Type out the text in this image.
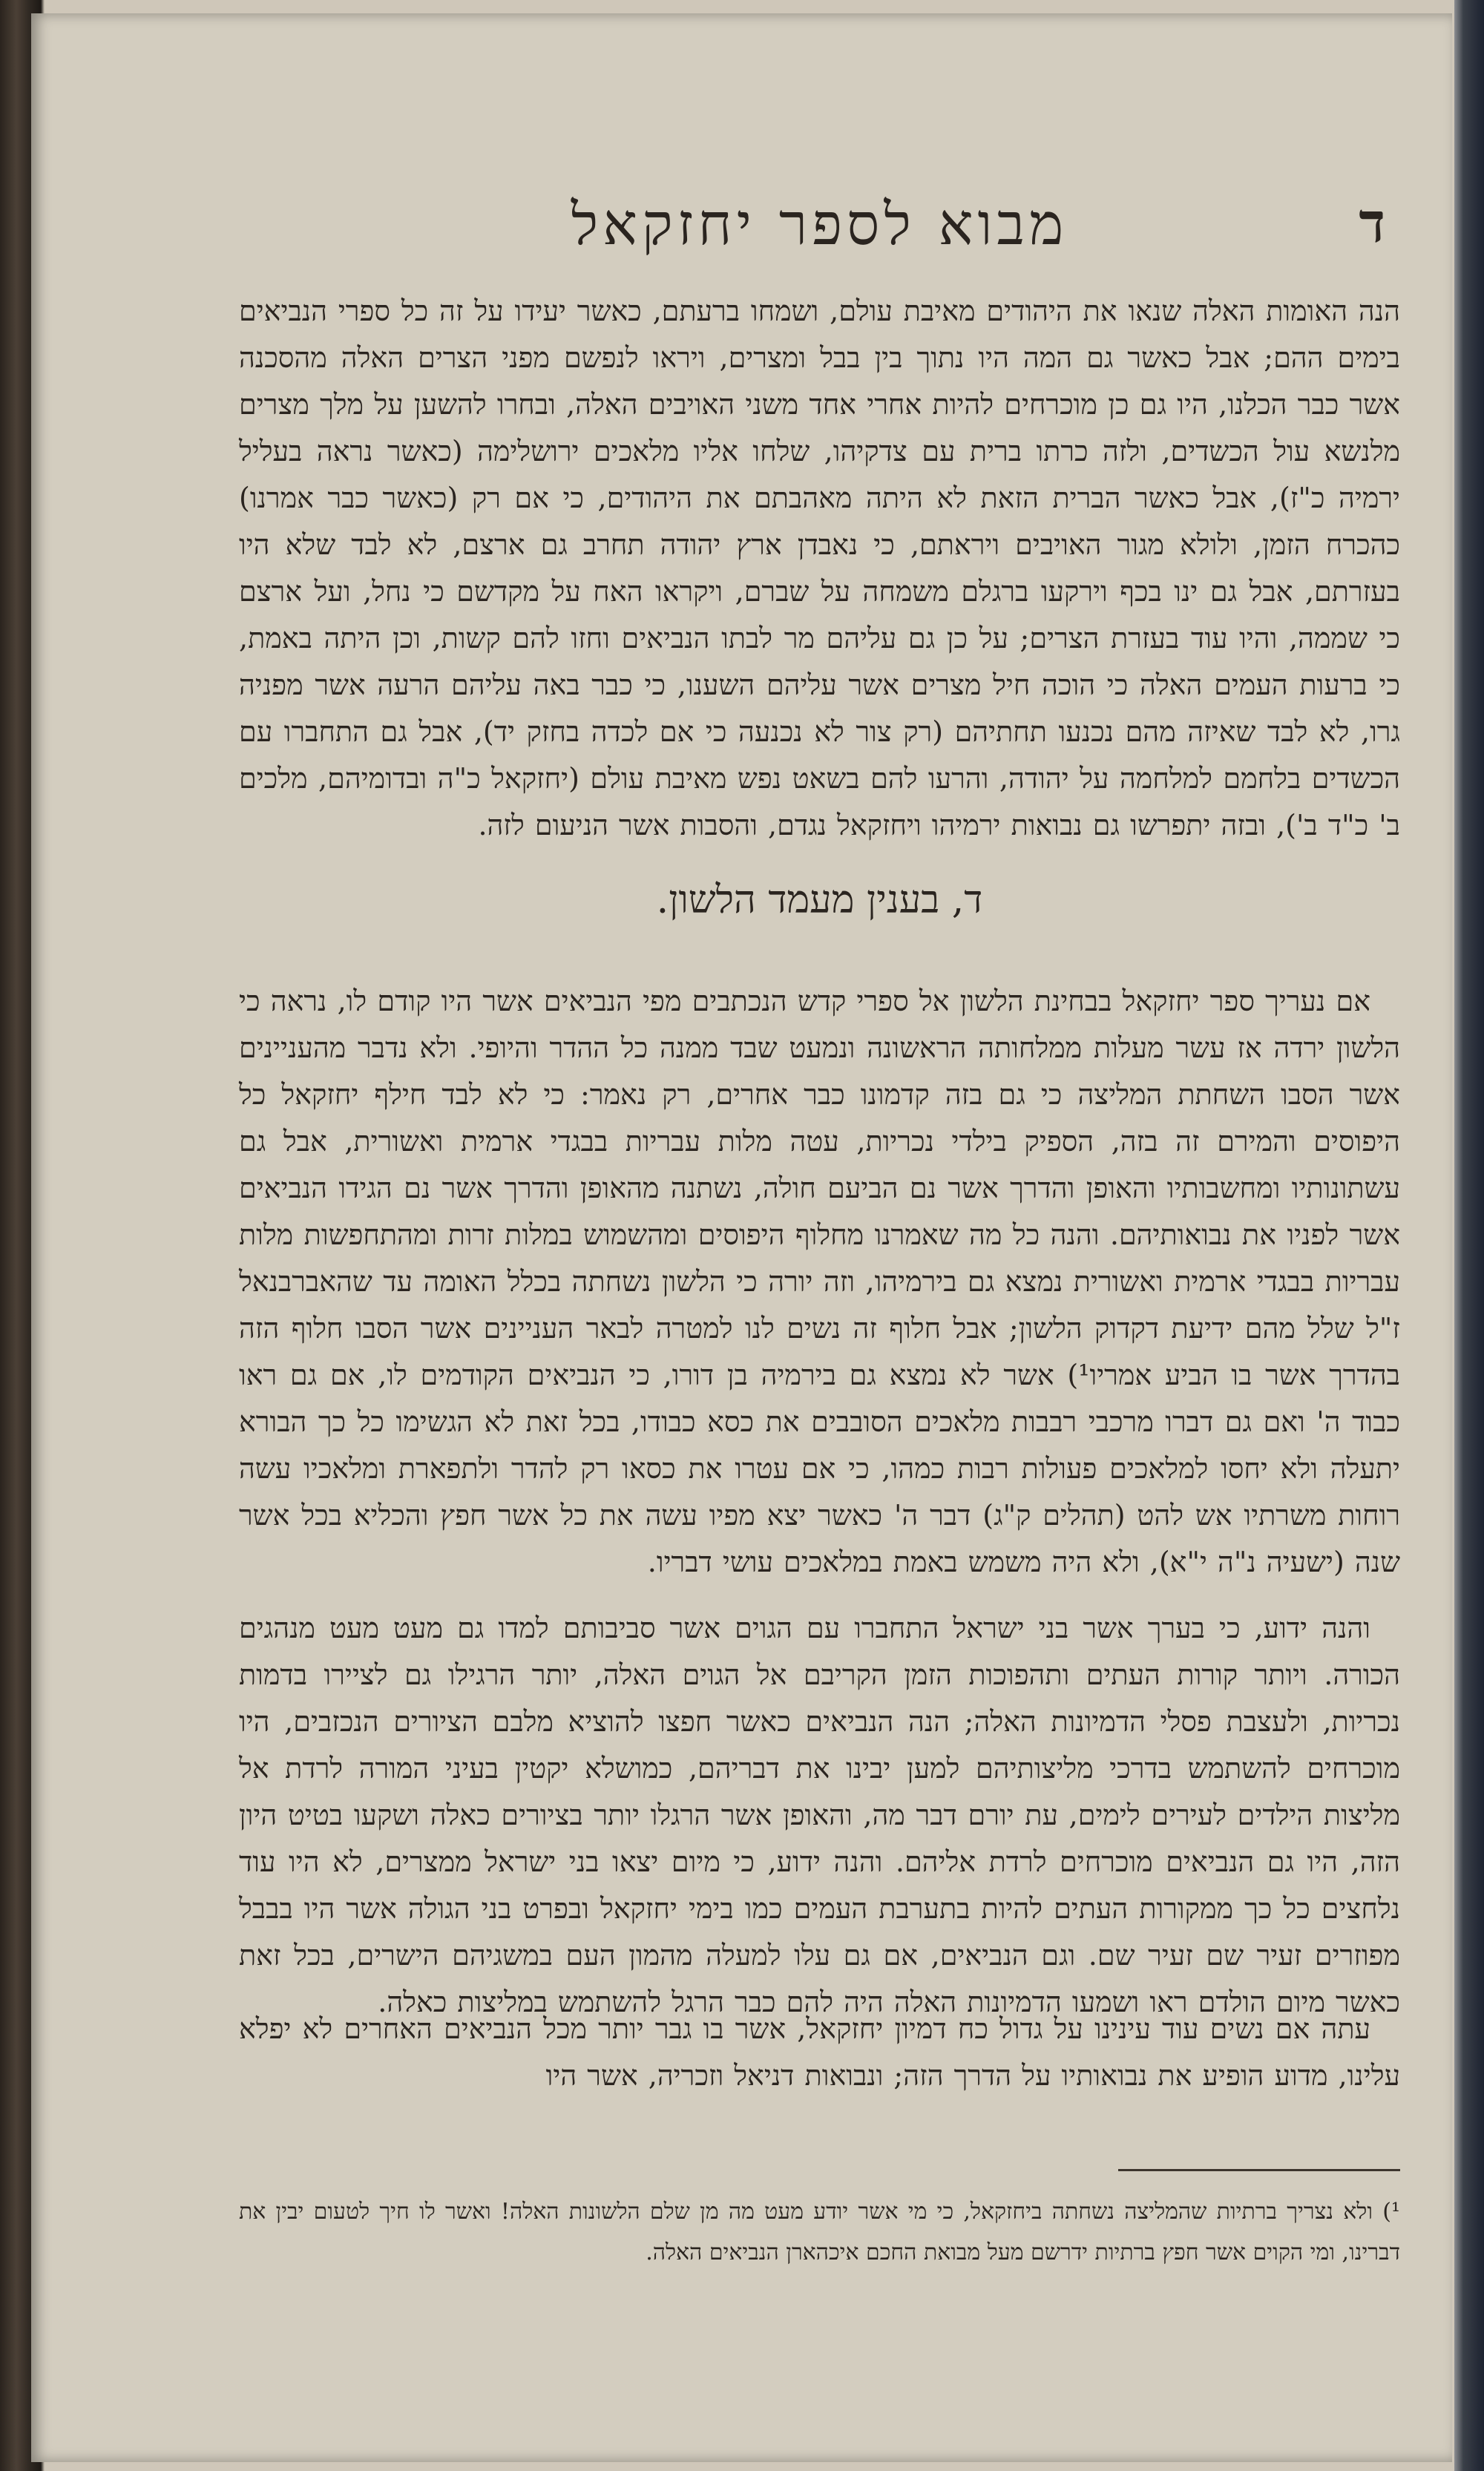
מבוא לספר יחזקאל	ד

הנה האומות האלה שנאו את היהודים מאיבת עולם, ושמחו ברעתם, כאשר יעידו על זה כל ספרי הנביאים בימים ההם; אבל כאשר גם המה היו נתוך בין בבל ומצרים, ויראו לנפשם מפני הצרים האלה מהסכנה אשר כבר הכלנו, היו גם כן מוכרחים להיות אחרי אחד משני האויבים האלה, ובחרו להשען על מלך מצרים מלנשא עול הכשדים, ולזה כרתו ברית עם צדקיהו, שלחו אליו מלאכים ירושלימה (כאשר נראה בעליל ירמיה כ"ז), אבל כאשר הברית הזאת לא היתה מאהבתם את היהודים, כי אם רק (כאשר כבר אמרנו) כהכרח הזמן, ולולא מגור האויבים ויראתם, כי נאבדן ארץ יהודה תחרב גם ארצם, לא לבד שלא היו בעזרתם, אבל גם ינו בכף וירקעו ברגלם משמחה על שברם, ויקראו האח על מקדשם כי נחל, ועל ארצם כי שממה, והיו עוד בעזרת הצרים; על כן גם עליהם מר לבתו הנביאים וחזו להם קשות, וכן היתה באמת, כי ברעות העמים האלה כי הוכה חיל מצרים אשר עליהם השענו, כי כבר באה עליהם הרעה אשר מפניה גרו, לא לבד שאיזה מהם נכנעו תחתיהם (רק צור לא נכנעה כי אם לכדה בחזק יד), אבל גם התחברו עם הכשדים בלחמם למלחמה על יהודה, והרעו להם בשאט נפש מאיבת עולם (יחזקאל כ"ה ובדומיהם, מלכים ב' כ"ד ב'), ובזה יתפרשו גם נבואות ירמיהו ויחזקאל נגדם, והסבות אשר הניעום לזה.

ד, בענין מעמד הלשון.

אם נעריך ספר יחזקאל בבחינת הלשון אל ספרי קדש הנכתבים מפי הנביאים אשר היו קודם לו, נראה כי הלשון ירדה אז עשר מעלות ממלחותה הראשונה ונמעט שבד ממנה כל ההדר והיופי. ולא נדבר מהעניינים אשר הסבו השחתת המליצה כי גם בזה קדמונו כבר אחרים, רק נאמר: כי לא לבד חילף יחזקאל כל היפוסים והמירם זה בזה, הספיק בילדי נכריות, עטה מלות עבריות בבגדי ארמית ואשורית, אבל גם עשתונותיו ומחשבותיו והאופן והדרך אשר נם הביעם חולה, נשתנה מהאופן והדרך אשר נם הגידו הנביאים אשר לפניו את נבואותיהם. והנה כל מה שאמרנו מחלוף היפוסים ומהשמוש במלות זרות ומהתחפשות מלות עבריות בבגדי ארמית ואשורית נמצא גם בירמיהו, וזה יורה כי הלשון נשחתה בכלל האומה עד שהאברבנאל ז"ל שלל מהם ידיעת דקדוק הלשון; אבל חלוף זה נשים לנו למטרה לבאר העניינים אשר הסבו חלוף הזה בהדרך אשר בו הביע אמריו¹) אשר לא נמצא גם בירמיה בן דורו, כי הנביאים הקודמים לו, אם גם ראו כבוד ה' ואם גם דברו מרכבי רבבות מלאכים הסובבים את כסא כבודו, בכל זאת לא הגשימו כל כך הבורא יתעלה ולא יחסו למלאכים פעולות רבות כמהו, כי אם עטרו את כסאו רק להדר ולתפארת ומלאכיו עשה רוחות משרתיו אש להט (תהלים ק"ג) דבר ה' כאשר יצא מפיו עשה את כל אשר חפץ והכליא בכל אשר שנה (ישעיה נ"ה י"א), ולא היה משמש באמת במלאכים עושי דבריו.

והנה ידוע, כי בערך אשר בני ישראל התחברו עם הגוים אשר סביבותם למדו גם מעט מעט מנהגים הכורה. ויותר קורות העתים ותהפוכות הזמן הקריבם אל הגוים האלה, יותר הרגילו גם לציירו בדמות נכריות, ולעצבת פסלי הדמיונות האלה; הנה הנביאים כאשר חפצו להוציא מלבם הציורים הנכזבים, היו מוכרחים להשתמש בדרכי מליצותיהם למען יבינו את דבריהם, כמושלא יקטין בעיני המורה לרדת אל מליצות הילדים לעירים לימים, עת יורם דבר מה, והאופן אשר הרגלו יותר בציורים כאלה ושקעו בטיט היון הזה, היו גם הנביאים מוכרחים לרדת אליהם. והנה ידוע, כי מיום יצאו בני ישראל ממצרים, לא היו עוד נלחצים כל כך ממקורות העתים להיות בתערבת העמים כמו בימי יחזקאל ובפרט בני הגולה אשר היו בבבל מפוזרים זעיר שם זעיר שם. וגם הנביאים, אם גם עלו למעלה מהמון העם במשגיהם הישרים, בכל זאת כאשר מיום הולדם ראו ושמעו הדמיונות האלה היה להם כבר הרגל להשתמש במליצות כאלה.

עתה אם נשים עוד עינינו על גדול כח דמיון יחזקאל, אשר בו גבר יותר מכל הנביאים האחרים לא יפלא עלינו, מדוע הופיע את נבואותיו על הדרך הזה; ונבואות דניאל וזכריה, אשר היו

¹) ולא נצריך ברתיות שהמליצה נשחתה ביחזקאל, כי מי אשר יודע מעט מה מן שלם הלשונות האלה! ואשר לו חיך לטעום יבין את דברינו, ומי הקוים אשר חפץ ברתיות ידרשם מעל מבואת החכם איכהארן הנביאים האלה.
